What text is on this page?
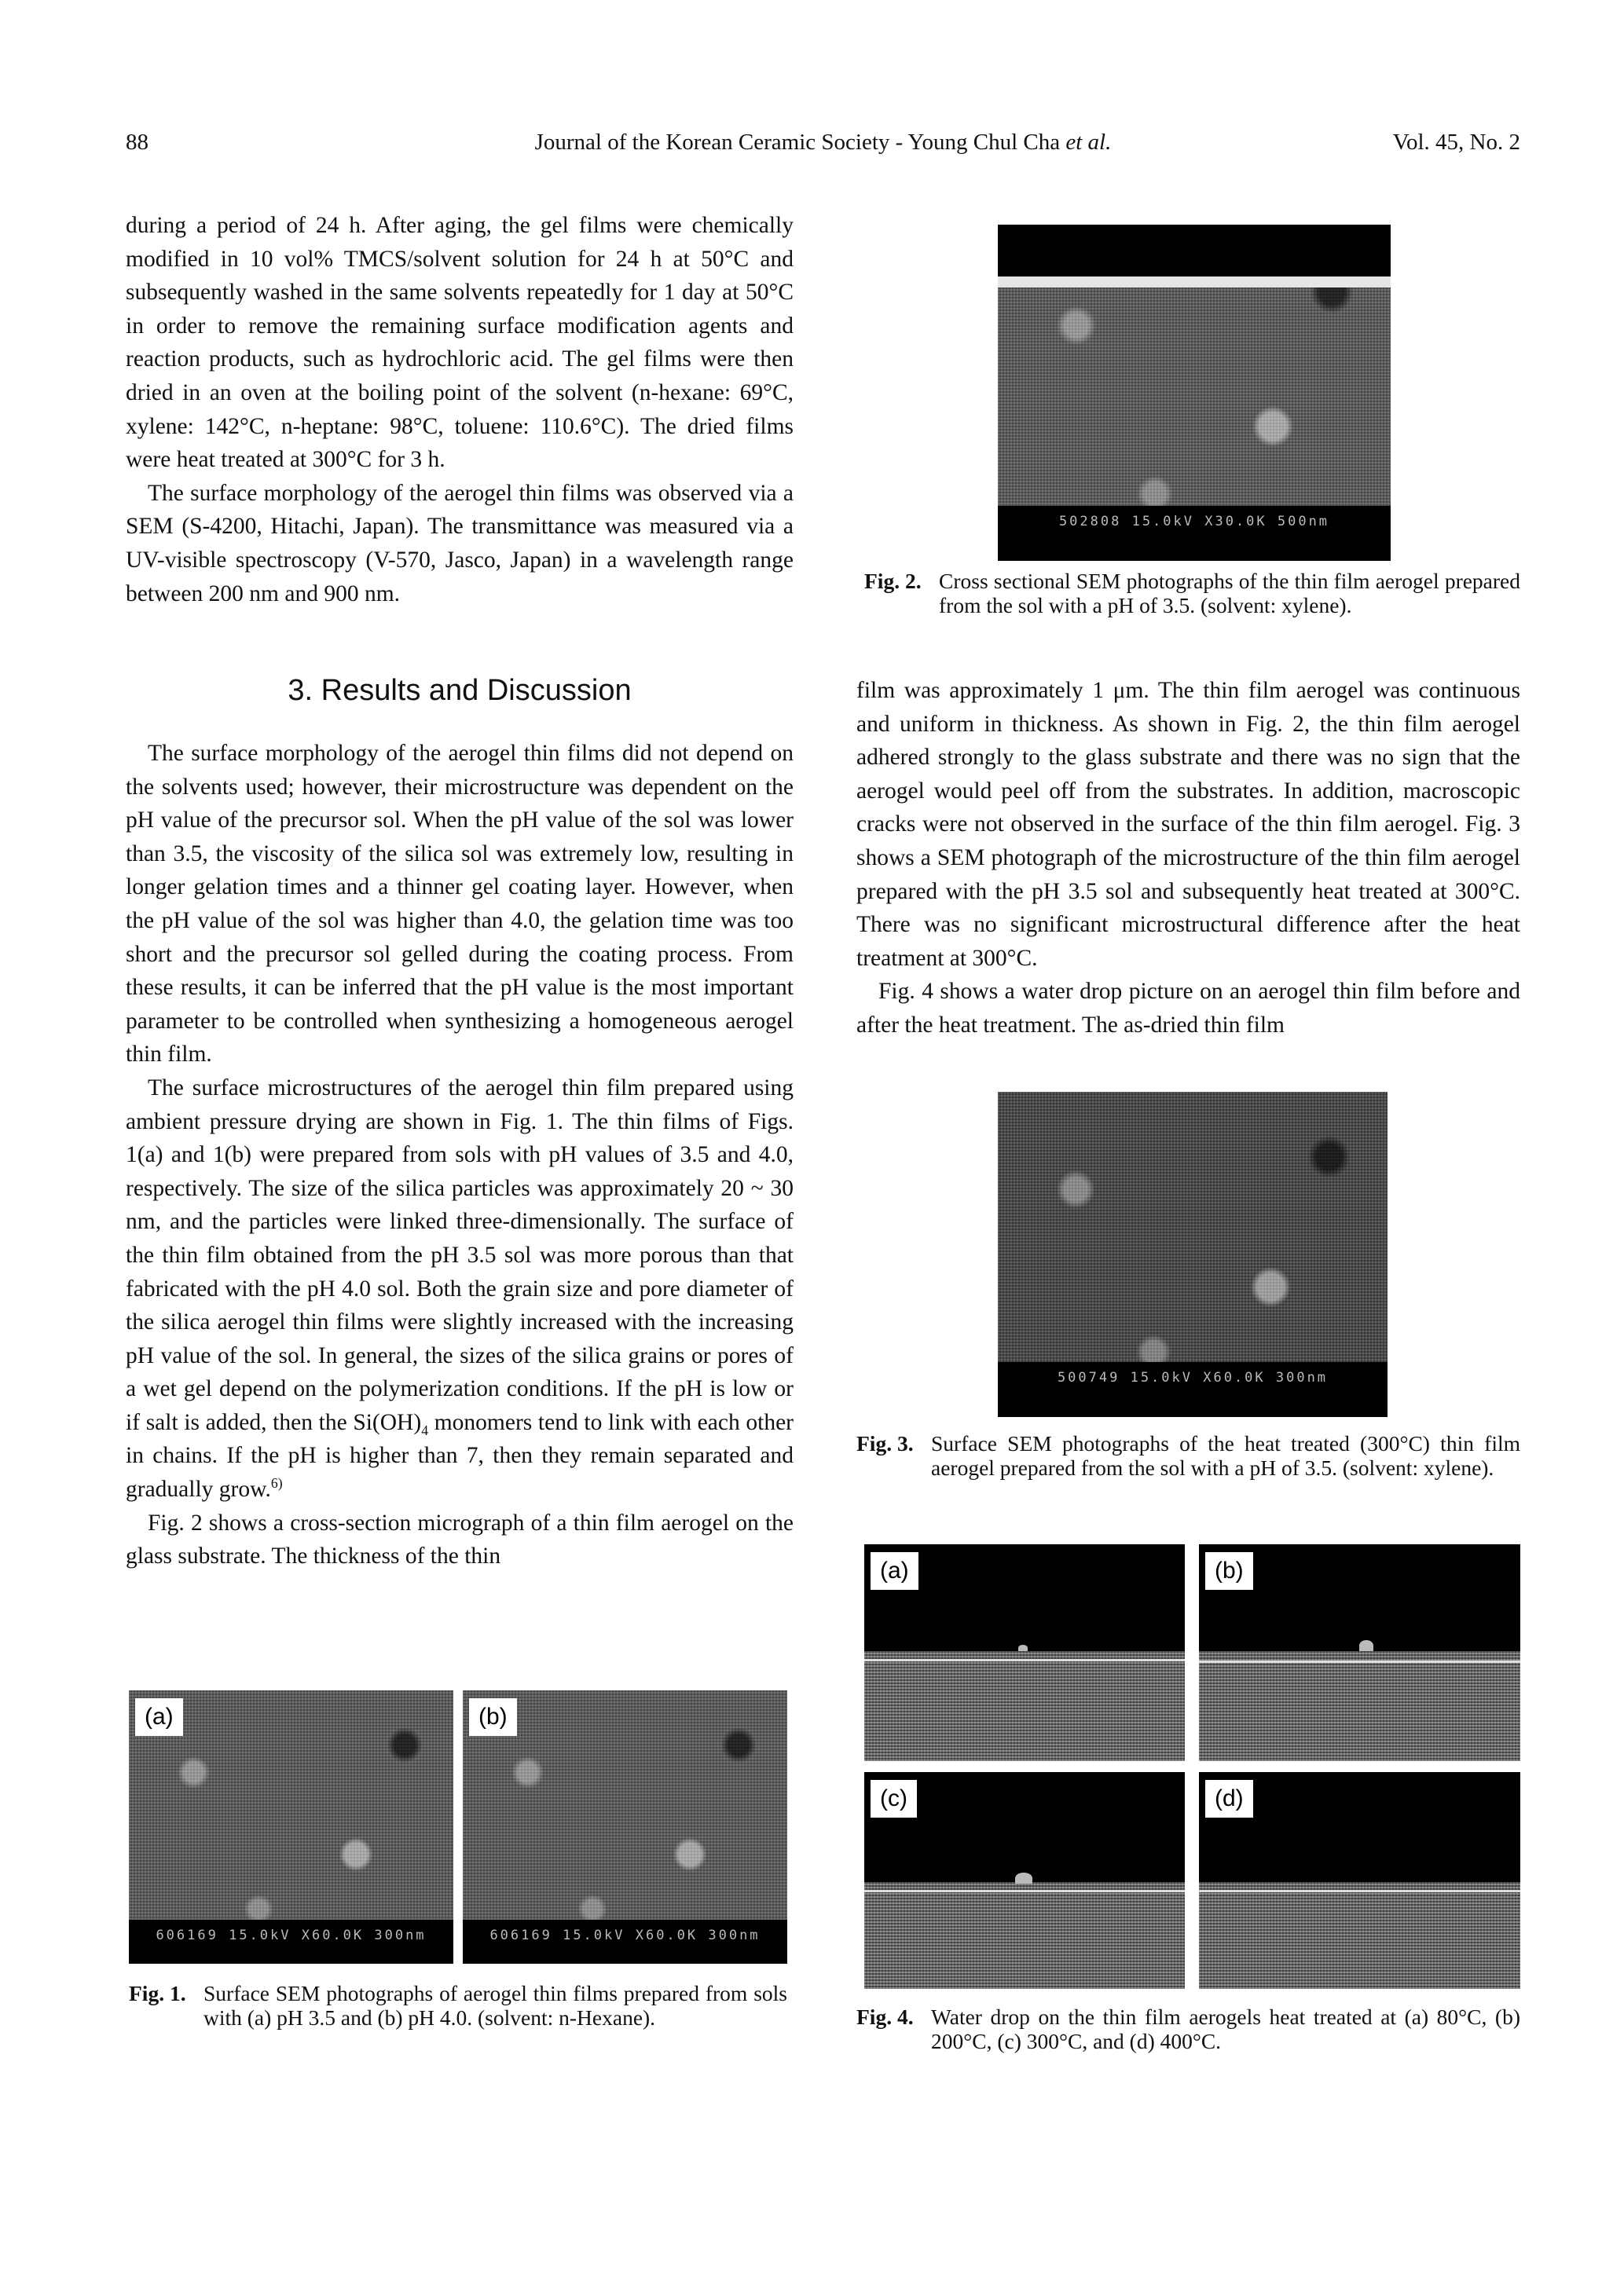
88	Journal of the Korean Ceramic Society - Young Chul Cha et al.	Vol. 45, No. 2

during a period of 24 h. After aging, the gel films were chemically modified in 10 vol% TMCS/solvent solution for 24 h at 50°C and subsequently washed in the same solvents repeatedly for 1 day at 50°C in order to remove the remaining surface modification agents and reaction products, such as hydrochloric acid. The gel films were then dried in an oven at the boiling point of the solvent (n-hexane: 69°C, xylene: 142°C, n-heptane: 98°C, toluene: 110.6°C). The dried films were heat treated at 300°C for 3 h.

The surface morphology of the aerogel thin films was observed via a SEM (S-4200, Hitachi, Japan). The transmittance was measured via a UV-visible spectroscopy (V-570, Jasco, Japan) in a wavelength range between 200 nm and 900 nm.

3. Results and Discussion

The surface morphology of the aerogel thin films did not depend on the solvents used; however, their microstructure was dependent on the pH value of the precursor sol. When the pH value of the sol was lower than 3.5, the viscosity of the silica sol was extremely low, resulting in longer gelation times and a thinner gel coating layer. However, when the pH value of the sol was higher than 4.0, the gelation time was too short and the precursor sol gelled during the coating process. From these results, it can be inferred that the pH value is the most important parameter to be controlled when synthesizing a homogeneous aerogel thin film.

The surface microstructures of the aerogel thin film prepared using ambient pressure drying are shown in Fig. 1. The thin films of Figs. 1(a) and 1(b) were prepared from sols with pH values of 3.5 and 4.0, respectively. The size of the silica particles was approximately 20 ~ 30 nm, and the particles were linked three-dimensionally. The surface of the thin film obtained from the pH 3.5 sol was more porous than that fabricated with the pH 4.0 sol. Both the grain size and pore diameter of the silica aerogel thin films were slightly increased with the increasing pH value of the sol. In general, the sizes of the silica grains or pores of a wet gel depend on the polymerization conditions. If the pH is low or if salt is added, then the $Si(OH)_4$ monomers tend to link with each other in chains. If the pH is higher than 7, then they remain separated and gradually grow.$^{6)}$

Fig. 2 shows a cross-section micrograph of a thin film aerogel on the glass substrate. The thickness of the thin

(a)
606169 15.0kV X60.0K 300nm
(b)
606169 15.0kV X60.0K 300nm
Fig. 1. Surface SEM photographs of aerogel thin films prepared from sols with (a) pH 3.5 and (b) pH 4.0. (solvent: n-Hexane).
502808 15.0kV X30.0K 500nm
Fig. 2. Cross sectional SEM photographs of the thin film aerogel prepared from the sol with a pH of 3.5. (solvent: xylene).

film was approximately 1 μm. The thin film aerogel was continuous and uniform in thickness. As shown in Fig. 2, the thin film aerogel adhered strongly to the glass substrate and there was no sign that the aerogel would peel off from the substrates. In addition, macroscopic cracks were not observed in the surface of the thin film aerogel. Fig. 3 shows a SEM photograph of the microstructure of the thin film aerogel prepared with the pH 3.5 sol and subsequently heat treated at 300°C. There was no significant microstructural difference after the heat treatment at 300°C.

Fig. 4 shows a water drop picture on an aerogel thin film before and after the heat treatment. The as-dried thin film

500749 15.0kV X60.0K 300nm
Fig. 3. Surface SEM photographs of the heat treated (300°C) thin film aerogel prepared from the sol with a pH of 3.5. (solvent: xylene).
(a)	(b)
(c)	(d)
Fig. 4. Water drop on the thin film aerogels heat treated at (a) 80°C, (b) 200°C, (c) 300°C, and (d) 400°C.
